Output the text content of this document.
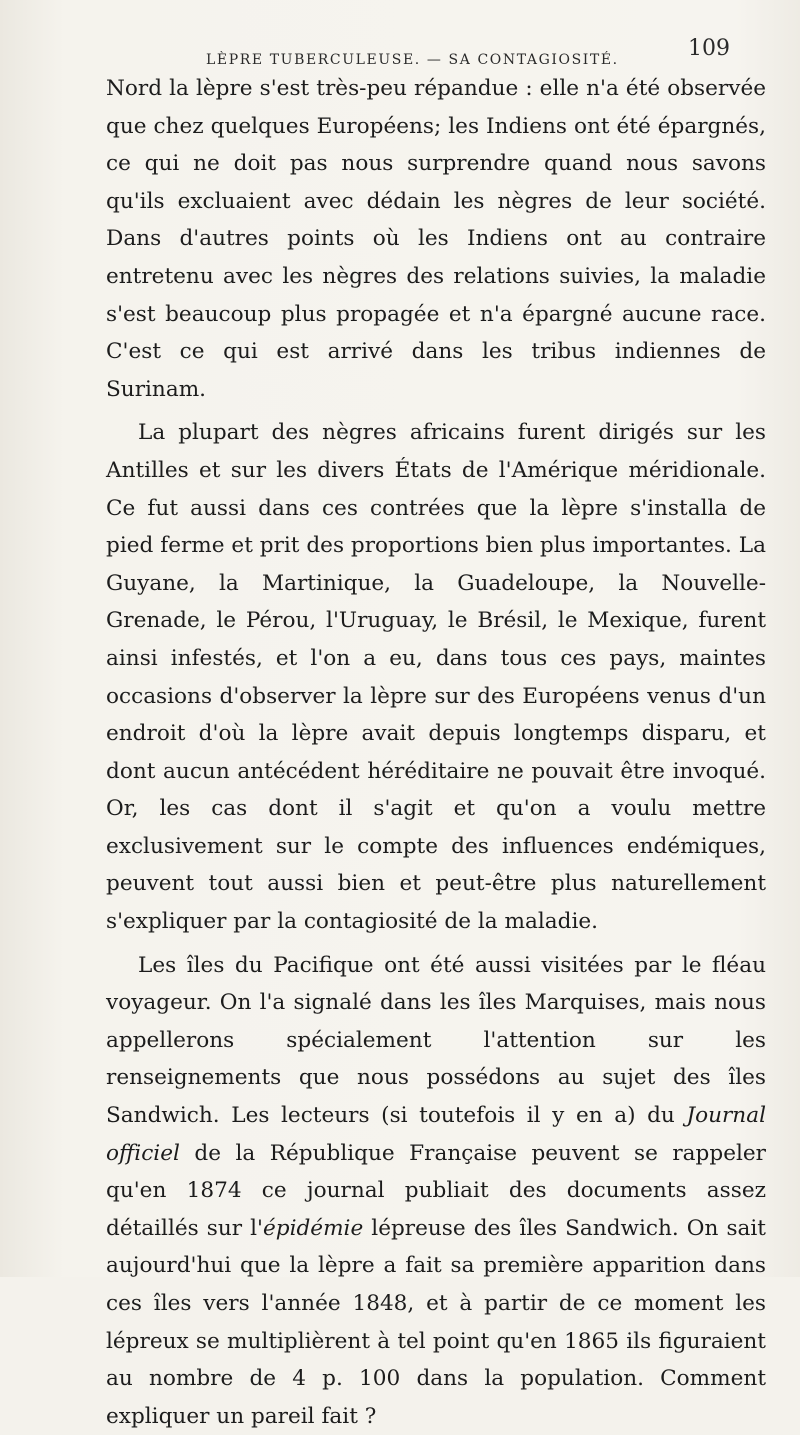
LÈPRE TUBERCULEUSE. — SA CONTAGIOSITÉ.	109

Nord la lèpre s'est très-peu répandue : elle n'a été observée que chez quelques Européens; les Indiens ont été épargnés, ce qui ne doit pas nous surprendre quand nous savons qu'ils excluaient avec dédain les nègres de leur société. Dans d'autres points où les Indiens ont au contraire entretenu avec les nègres des relations suivies, la maladie s'est beaucoup plus propagée et n'a épargné aucune race. C'est ce qui est arrivé dans les tribus indiennes de Surinam.

La plupart des nègres africains furent dirigés sur les Antilles et sur les divers États de l'Amérique méridionale. Ce fut aussi dans ces contrées que la lèpre s'installa de pied ferme et prit des proportions bien plus importantes. La Guyane, la Martinique, la Guadeloupe, la Nouvelle-Grenade, le Pérou, l'Uruguay, le Brésil, le Mexique, furent ainsi infestés, et l'on a eu, dans tous ces pays, maintes occasions d'observer la lèpre sur des Européens venus d'un endroit d'où la lèpre avait depuis longtemps disparu, et dont aucun antécédent héréditaire ne pouvait être invoqué. Or, les cas dont il s'agit et qu'on a voulu mettre exclusivement sur le compte des influences endémiques, peuvent tout aussi bien et peut-être plus naturellement s'expliquer par la contagiosité de la maladie.

Les îles du Pacifique ont été aussi visitées par le fléau voyageur. On l'a signalé dans les îles Marquises, mais nous appellerons spécialement l'attention sur les renseignements que nous possédons au sujet des îles Sandwich. Les lecteurs (si toutefois il y en a) du Journal officiel de la République Française peuvent se rappeler qu'en 1874 ce journal publiait des documents assez détaillés sur l'épidémie lépreuse des îles Sandwich. On sait aujourd'hui que la lèpre a fait sa première apparition dans ces îles vers l'année 1848, et à partir de ce moment les lépreux se multiplièrent à tel point qu'en 1865 ils figuraient au nombre de 4 p. 100 dans la population. Comment expliquer un pareil fait ?
